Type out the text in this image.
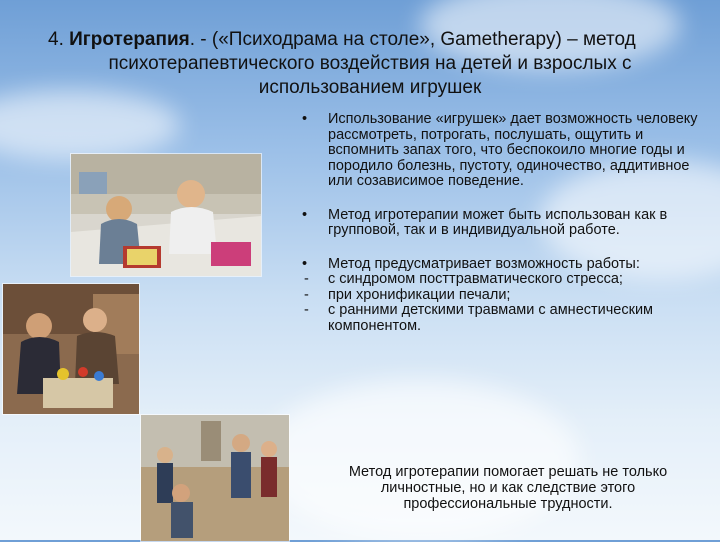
4. Игротерапия. - («Психодрама на столе», Gametherapy) – метод
психотерапевтического воздействия на детей и взрослых с
использованием игрушек
•	Использование «игрушек» дает возможность человеку рассмотреть, потрогать, послушать, ощутить и вспомнить запах того, что беспокоило многие годы и породило болезнь, пустоту, одиночество, аддитивное или созависимое поведение.
•	Метод игротерапии может быть использован как в групповой, так и в индивидуальной работе.
•	Метод предусматривает возможность работы:
- с синдромом посттравматического стресса;
- при хронификации печали;
- с ранними детскими травмами с амнестическим компонентом.
Метод игротерапии помогает решать не только личностные, но и как следствие этого профессиональные трудности.
